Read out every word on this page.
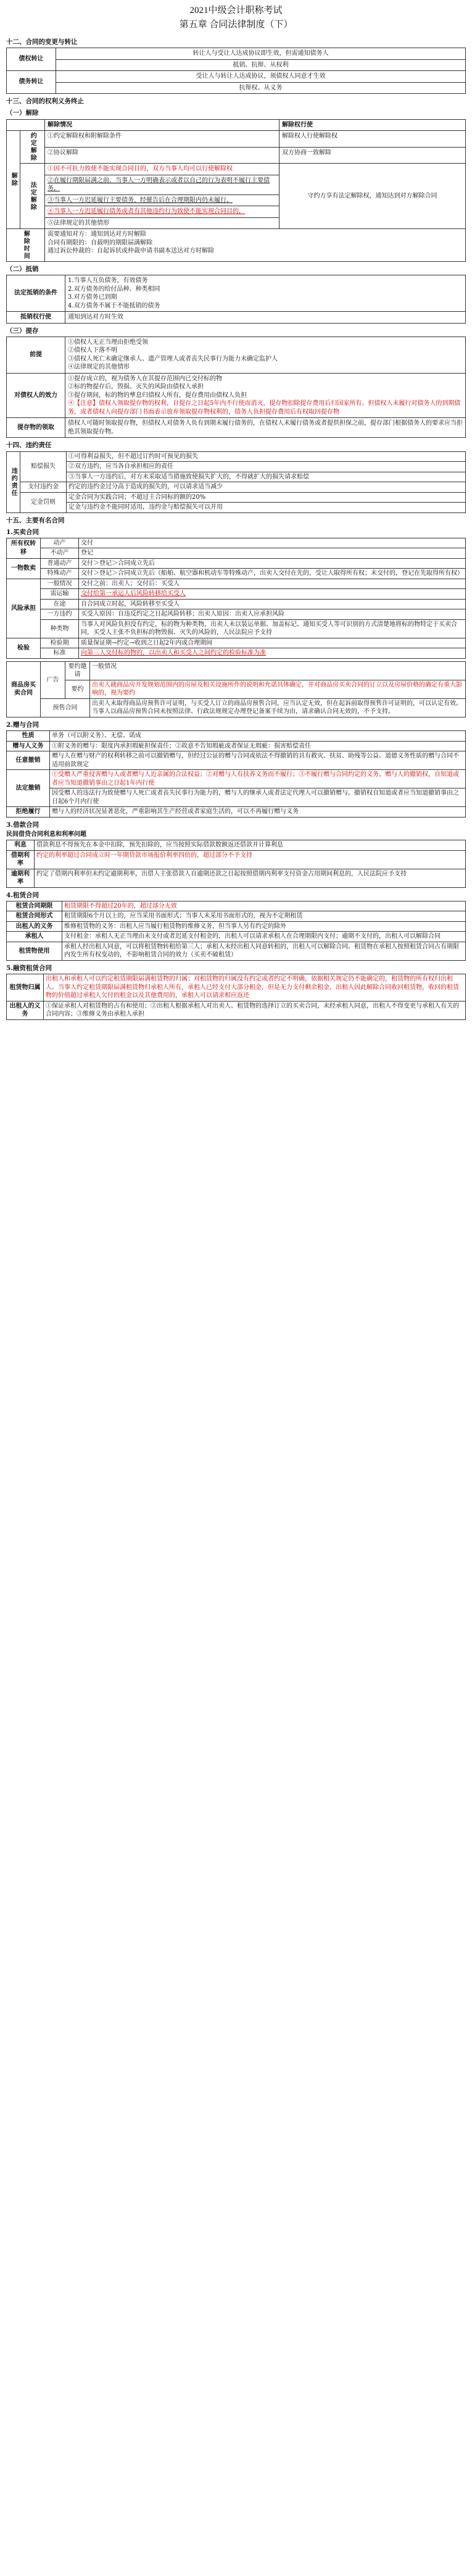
2021中级会计职称考试
第五章 合同法律制度（下）
十二、合同的变更与转让
债权转让	转让人与受让人达成协议即生效，但需通知债务人
	抵销、抗辩、从权利
债务转让	受让人与转让人达成协议，须债权人同意才生效
	抗辩权、从义务
十三、合同的权利义务终止
（一）解除
		解除情况	解除权行使
解除	约定解除	①约定解除权和附解除条件	解除权人行使解除权
		②协议解除	双方协商一致解除
	法定解除	①因不可抗力致使不能实现合同目的，双方当事人均可以行使解除权	守约方享有法定解除权，通知达到对方解除合同
		②在履行期限届满之前，当事人一方明确表示或者以自己的行为表明不履行主要债务，	
		③当事人一方迟延履行主要债务，经催告后在合理期限内仍未履行，	
		④当事人一方迟延履行债务或者有其他违约行为致使不能实现合同目的，	
		⑤法律规定的其他情形	
解除时间		需要通知对方：通知到达对方时解除
合同有期限的：自载明的期限届满解除
通过诉讼仲裁的：自起诉状或仲裁申请书副本送达对方时解除	
（二）抵销
法定抵销的条件	1.当事人互负债务，有效债务
2.双方债务的给付品种、种类相同
3.对方债务已到期
4.双方债务不属于不能抵销的债务

抵销权行使	通知到达对方时生效
（三）提存
前提	①债权人无正当理由拒绝受领
②债权人下落不明
③债权人死亡未确定继承人、遗产管理人或者丧失民事行为能力未确定监护人
④法律规定的其他情形

对债权人的效力	①提存成立的，视为债务人在其提存范围内已交付标的物
②标的物提存后，毁损、灭失的风险由债权人承担
③提存期间，标的物的孳息归债权人所有，提存费用由债权人负担
④【注意】债权人领取提存物的权利，自提存之日起5年内不行使而消灭，提存物扣除提存费用后归国家所有。但债权人未履行对债务人的到期债务，或者债权人向提存部门书面表示放弃领取提存物权利的，债务人负担提存费用后有权取回提存物

提存物的领取	债权人可随时领取提存物，但债权人对债务人负有到期未履行债务的，在债权人未履行债务或者提供担保之前，提存部门根据债务人的要求应当拒绝其领取提存物。
十四、违约责任
违约责任	赔偿损失	①可得利益损失，但不超过订约时可预见的损失
		②双方违约，应当各自承担相应的责任
		③当事人一方违约后，对方未采取适当措施致使损失扩大的，不得就扩大的损失请求赔偿
	支付违约金	约定的违约金过分高于造成的损失的，可以请求适当减少
	定金罚则	定金合同为实践合同；不超过主合同标的额的20%
		定金与违约金不能同时适用，违约金与赔偿损失可以并用
十五、主要有名合同
1.买卖合同
所有权转移	动产	交付
	不动产	登记
一物数卖	普通动产	交付＞登记＞合同成立先后
	特殊动产	交付＞登记＞合同成立先后（船舶、航空器和机动车等特殊动产，出卖人交付在先的，受让人取得所有权；未交付的，登记在先取得所有权）
风险承担	一般情况	交付之前：出卖人；交付后：买受人
	需运输	交付给第一承运人后风险转移给买受人
	在途	自合同成立时起，风险转移至买受人
	一方违约	买受人原因：自违反约定之日起风险转移；出卖人原因：出卖人应承担风险
	种类物	当事人对风险负担没有约定，标的物为种类物，出卖人未以装运单据、加盖标记、通知买受人等可识别的方式清楚地将标的物特定于买卖合同，买受人主张不负担标的物毁损、灭失的风险的，人民法院应予支持
检验	检验期	质量保证期→约定→收到之日起2年内或合理期间
	标准	向第三人交付标的物的，以出卖人和买受人之间约定的检验标准为准
商品房买卖合同	广告	要约邀请	一般情况
		要约	出卖人就商品房开发规划范围内的房屋及相关设施所作的说明和允诺具体确定，并对商品房买卖合同的订立以及房屋价格的确定有重大影响的，视为要约
	预售合同		出卖人未取得商品房预售许可证明，与买受人订立的商品房预售合同，应当认定无效，但在起诉前取得预售许可证明的，可以认定有效。当事人以商品房预售合同未按照法律、行政法规规定办理登记备案手续为由，请求确认合同无效的，不予支持。
2.赠与合同
性质	单务（可以附义务）、无偿、诺成
赠与人义务	①附义务的赠与：限度内承担瑕疵担保责任；②故意不告知瑕疵或者保证无瑕疵：损害赔偿责任
任意撤销	赠与人在赠与财产的权利转移之前可以撤销赠与，但经过公证的赠与合同或依法不得撤销的具有救灾、扶贫、助残等公益、道德义务性质的赠与合同不适用前款规定
法定撤销	①受赠人严重侵害赠与人或者赠与人近亲属的合法权益；②对赠与人有扶养义务而不履行；③不履行赠与合同约定的义务。赠与人的撤销权，自知道或者应当知道撤销事由之日起1年内行使
	因受赠人的违法行为致使赠与人死亡或者丧失民事行为能力的，赠与人的继承人或者法定代理人可以撤销赠与。撤销权自知道或者应当知道撤销事由之日起6个月内行使
拒绝履行	赠与人的经济状况显著恶化，严重影响其生产经营或者家庭生活的，可以不再履行赠与义务
3.借款合同
民间借贷合同利息和利率问题
利息	借款利息不得预先在本金中扣除，预先扣除的，应当按照实际借款数额返还借款并计算利息
借期利率	约定的利率超过合同成立时一年期贷款市场报价利率四倍的，超过部分不予支持
逾期利率	约定了借期内利率但未约定逾期利率，出借人主张借款人自逾期还款之日起按照借期内利率支付资金占用期间利息的，人民法院应予支持
4.租赁合同
租赁合同期限	租赁期限不得超过20年的，超过部分无效
租赁合同形式	租赁期限6个月以上的，应当采用书面形式；当事人未采用书面形式的，视为不定期租赁
出租人的义务	维修租赁物的义务：出租人应当履行租赁物的维修义务，但当事人另有约定的除外
承租人	支付租金：承租人无正当理由未支付或者迟延支付租金的，出租人可以请求承租人在合理期限内支付；逾期不支付的，出租人可以解除合同
租赁物使用	承租人经出租人同意，可以将租赁物转租给第三人；承租人未经出租人同意转租的，出租人可以解除合同。租赁物在承租人按照租赁合同占有期限内发生所有权变动的，不影响租赁合同的效力（买卖不破租赁）
5.融资租赁合同
租赁物归属	出租人和承租人可以约定租赁期限届满租赁物的归属；对租赁物的归属没有约定或者约定不明确，依据相关规定仍不能确定的，租赁物的所有权归出租人。当事人约定租赁期限届满租赁物归承租人所有，承租人已经支付大部分租金，但是无力支付剩余租金，出租人因此解除合同收回租赁物，收回的租赁物的价值超过承租人欠付的租金以及其他费用的，承租人可以请求相应返还
出租人的义务	①保证承租人对租赁物的占有和使用；②出租人根据承租人对出卖人、租赁物的选择订立的买卖合同，未经承租人同意，出租人不得变更与承租人有关的合同内容；③维修义务由承租人承担
